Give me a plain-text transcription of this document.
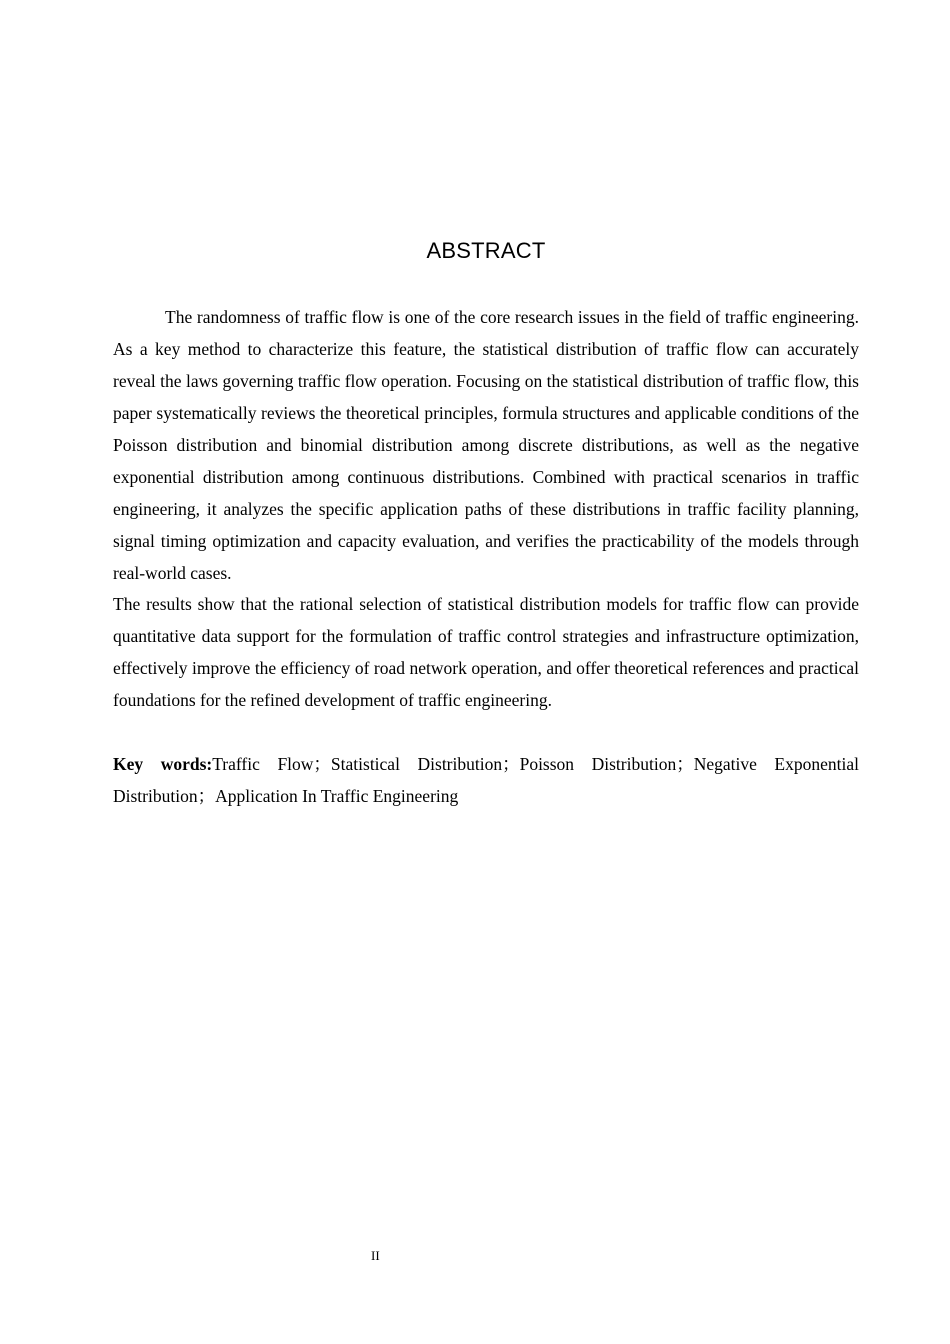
ABSTRACT

The randomness of traffic flow is one of the core research issues in the field of traffic engineering. As a key method to characterize this feature, the statistical distribution of traffic flow can accurately reveal the laws governing traffic flow operation. Focusing on the statistical distribution of traffic flow, this paper systematically reviews the theoretical principles, formula structures and applicable conditions of the Poisson distribution and binomial distribution among discrete distributions, as well as the negative exponential distribution among continuous distributions. Combined with practical scenarios in traffic engineering, it analyzes the specific application paths of these distributions in traffic facility planning, signal timing optimization and capacity evaluation, and verifies the practicability of the models through real-world cases.

The results show that the rational selection of statistical distribution models for traffic flow can provide quantitative data support for the formulation of traffic control strategies and infrastructure optimization, effectively improve the efficiency of road network operation, and offer theoretical references and practical foundations for the refined development of traffic engineering.

Key words:Traffic Flow；Statistical Distribution；Poisson Distribution；Negative Exponential Distribution；Application In Traffic Engineering

II
